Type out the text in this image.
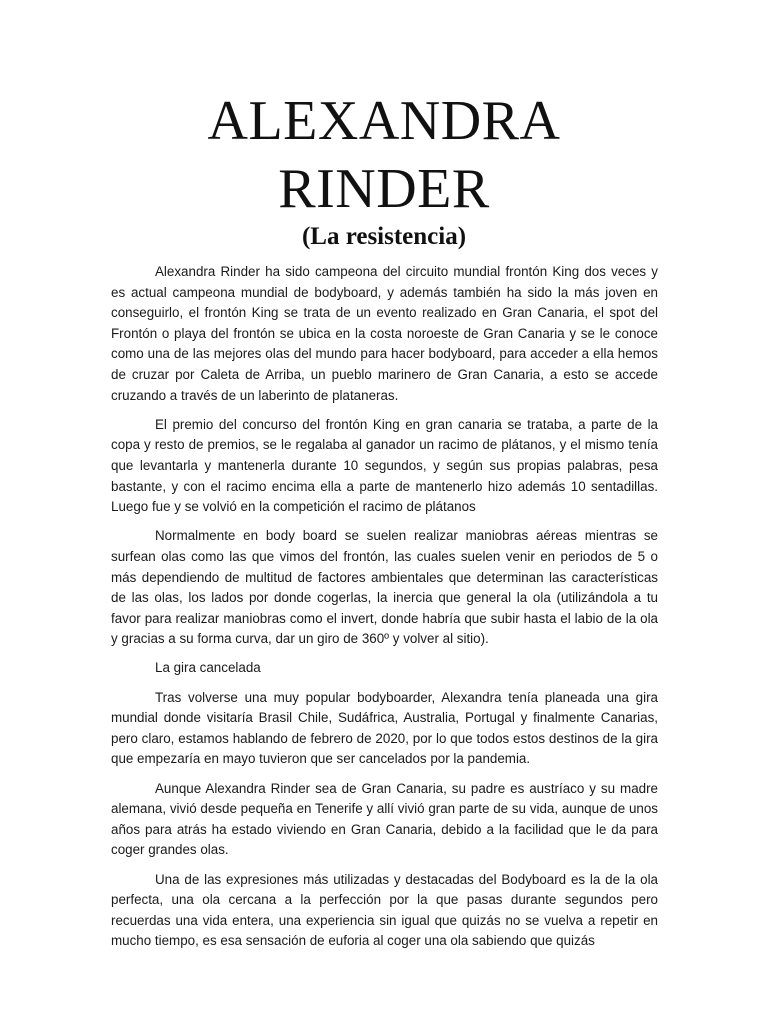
ALEXANDRA
RINDER
(La resistencia)

Alexandra Rinder ha sido campeona del circuito mundial frontón King dos veces y es actual campeona mundial de bodyboard, y además también ha sido la más joven en conseguirlo, el frontón King se trata de un evento realizado en Gran Canaria, el spot del Frontón o playa del frontón se ubica en la costa noroeste de Gran Canaria y se le conoce como una de las mejores olas del mundo para hacer bodyboard, para acceder a ella hemos de cruzar por Caleta de Arriba, un pueblo marinero de Gran Canaria, a esto se accede cruzando a través de un laberinto de plataneras.

El premio del concurso del frontón King en gran canaria se trataba, a parte de la copa y resto de premios, se le regalaba al ganador un racimo de plátanos, y el mismo tenía que levantarla y mantenerla durante 10 segundos, y según sus propias palabras, pesa bastante, y con el racimo encima ella a parte de mantenerlo hizo además 10 sentadillas. Luego fue y se volvió en la competición el racimo de plátanos

Normalmente en body board se suelen realizar maniobras aéreas mientras se surfean olas como las que vimos del frontón, las cuales suelen venir en periodos de 5 o más dependiendo de multitud de factores ambientales que determinan las características de las olas, los lados por donde cogerlas, la inercia que general la ola (utilizándola a tu favor para realizar maniobras como el invert, donde habría que subir hasta el labio de la ola y gracias a su forma curva, dar un giro de 360º y volver al sitio).

La gira cancelada

Tras volverse una muy popular bodyboarder, Alexandra tenía planeada una gira mundial donde visitaría Brasil Chile, Sudáfrica, Australia, Portugal y finalmente Canarias, pero claro, estamos hablando de febrero de 2020, por lo que todos estos destinos de la gira que empezaría en mayo tuvieron que ser cancelados por la pandemia.

Aunque Alexandra Rinder sea de Gran Canaria, su padre es austríaco y su madre alemana, vivió desde pequeña en Tenerife y allí vivió gran parte de su vida, aunque de unos años para atrás ha estado viviendo en Gran Canaria, debido a la facilidad que le da para coger grandes olas.

Una de las expresiones más utilizadas y destacadas del Bodyboard es la de la ola perfecta, una ola cercana a la perfección por la que pasas durante segundos pero recuerdas una vida entera, una experiencia sin igual que quizás no se vuelva a repetir en mucho tiempo, es esa sensación de euforia al coger una ola sabiendo que quizás
